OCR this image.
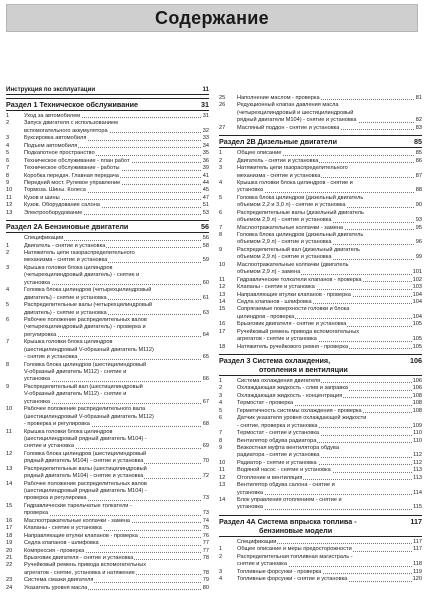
Содержание
Инструкция по эксплуатации	11
Раздел 1 Техническое обслуживание	31
1	Уход за автомобилем	31
2	Запуск двигателя с использованием
вспомогательного аккумулятора	32
3	Буксировка автомобиля	33
4	Подъем автомобиля	34
5	Подкапотное пространство	35
6	Техническое обслуживание - план работ	36
7	Техническое обслуживание - работы	39
8	Коробка передач. Главная передача	41
9	Передний мост. Рулевое управление	44
10 Тормоза. Шины. Колеса	45
11 Кузов и шины	47
12 Кузов. Оборудование салона	51
13 Электрооборудование	53
Раздел 2А Бензиновые двигатели	56
Спецификации	56
1	Двигатель - снятие и установка	58
2	Натяжитель цепи газораспределительного
механизма - снятие и установка	59
3	Крышка головки блока цилиндров
(четырехцилиндровый двигатель) - снятие и
установка	60
4	Головка блока цилиндров (четырехцилиндровый
двигатель) - снятие и установка	61
5	Распределительные валы (четырехцилиндровый
двигатель) - снятие и установка	63
6	Рабочее положение распределительных валов
(четырехцилиндровый двигатель) - проверка и
регулировка	64
7	Крышка головки блока цилиндров
(шестицилиндровый V-образный двигатель М112)
- снятие и установка	65
8	Головка блока цилиндров (шестицилиндровый
V-образный двигатель М112) - снятие и
установка	66
9	Распределительный вал (шестицилиндровый
V-образный двигатель М112) - снятие и
установка	67
10 Рабочее положение распределительного вала
(шестицилиндровый V-образный двигатель М112)
- проверка и регулировка	68
11 Крышка головки блока цилиндров
(шестицилиндровый рядный двигатель М104) -
снятие и установка	69
12 Головка блока цилиндров (шестицилиндровый
рядный двигатель М104) - снятие и установка	70
13 Распределительные валы (шестицилиндровый
рядный двигатель М104) - снятие и установка	72
14 Рабочее положение распределительных валов
(шестицилиндровый рядный двигатель М104) -
проверка и регулировка	73
15 Гидравлические тарельчатые толкатели -
проверка	73
16 Маслоотражательные колпачки - замена	74
17 Клапаны - снятие и установка	75
18 Направляющие втулки клапанов - проверка	76
19 Седла клапанов - шлифовка	77
20 Компрессия - проверка	77
21 Брызговик двигателя - снятие и установка	78
22 Ручейковый ремень привода вспомогательных
агрегатов - снятие, установка и натяжение	78
23 Система смазки двигателя	79
24 Указатель уровня масла	80
25 Наполнение маслом - проверка	81
26 Редукционный клапан давления масла
(четырехцилиндровый и шестицилиндровый
рядный двигатели М104) - снятие и установка	82
27 Масляный поддон - снятие и установка	83
Раздел 2В Дизельные двигатели	85
1	Общее описание	85
2	Двигатель - снятие и установка	86
3	Натяжитель цепи газораспределительного
механизма - снятие и установка	87
4	Крышка головки блока цилиндров - снятие и
установка	88
5	Головка блока цилиндров (дизельный двигатель
объемом 2,2 и 3,0 л) - снятие и установка	90
6	Распределительные валы (дизельный двигатель
объемом 2,9 л) - снятие и установка	93
7	Маслоотражательные колпачки - замена	95
8	Головка блока цилиндров (дизельный двигатель
объемом 2,9 л) - снятие и установка	96
9	Распределительный вал (дизельный двигатель
объемом 2,9 л) - снятие и установка	99
10 Маслоотражательные колпачки (двигатель
объемом 2,9 л) - замена	101
11 Гидравлические толкатели клапанов - проверка	102
12 Клапаны - снятие и установка	103
13 Направляющие втулки клапанов - проверка	104
14 Седла клапанов - шлифовка	104
15 Сопрягаемые поверхности головки и блока
цилиндров - проверка	104
16 Брызговик двигателя - снятие и установка	105
17 Ручейковый ремень привода вспомогательных
агрегатов - снятие и установка	105
18 Натяжитель ручейкового ремня - проверка	105
Раздел 3 Система охлаждения,	106
отопления и вентиляции
1	Система охлаждения двигателя	106
2	Охлаждающая жидкость - слив и заправка	106
3	Охлаждающая жидкость - концентрация	108
4	Термостат - проверка	108
5	Герметичность системы охлаждения - проверка	108
6	Датчик указателя уровня охлаждающей жидкости
- снятие, проверка и установка	109
7	Термостат - снятие и установка	110
8	Вентилятор обдува радиатора	110
9	Вязкостная муфта вентилятора обдува
радиатора - снятие и установка	112
10 Радиатор - снятие и установка	112
11 Водяной насос - снятие и установка	113
12 Отопление и вентиляция	113
13 Вентилятор обдува салона - снятие и
установка	114
14 Блок управления отоплением - снятие и
установка	115
Раздел 4А Система впрыска топлива -	117
бензиновые модели
Спецификации	117
1	Общее описание и меры предосторожности	117
2	Распределительная топливная магистраль -
снятие и установка	118
3	Топливные форсунки - проверка	119
4	Топливные форсунки - снятие и установка	120
